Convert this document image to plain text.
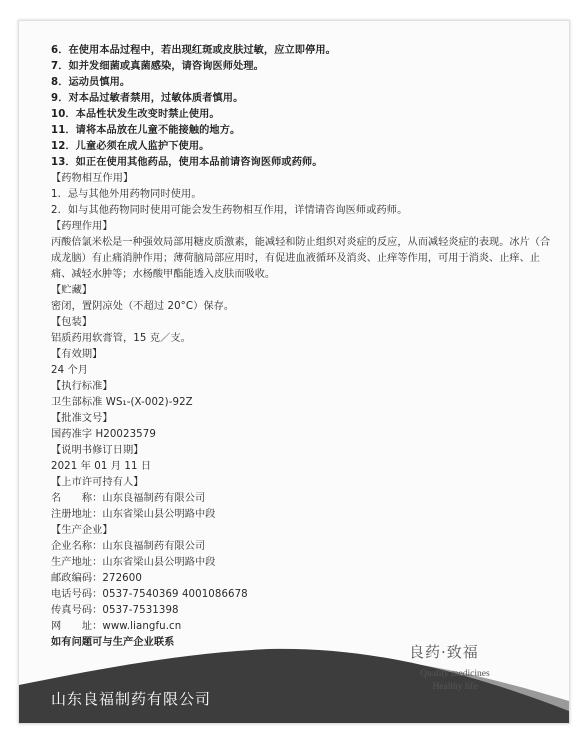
6．在使用本品过程中，若出现红斑或皮肤过敏，应立即停用。
7．如并发细菌或真菌感染，请咨询医师处理。
8．运动员慎用。
9．对本品过敏者禁用，过敏体质者慎用。
10．本品性状发生改变时禁止使用。
11．请将本品放在儿童不能接触的地方。
12．儿童必须在成人监护下使用。
13．如正在使用其他药品，使用本品前请咨询医师或药师。
【药物相互作用】
1．忌与其他外用药物同时使用。
2．如与其他药物同时使用可能会发生药物相互作用，详情请咨询医师或药师。
【药理作用】
丙酸倍氯米松是一种强效局部用糖皮质激素，能减轻和防止组织对炎症的反应，从而减轻炎症的表现。冰片（合成龙脑）有止痛消肿作用；薄荷脑局部应用时，有促进血液循环及消炎、止痒等作用，可用于消炎、止痒、止痛、减轻水肿等；水杨酸甲酯能透入皮肤而吸收。
【贮藏】
密闭，置阴凉处（不超过 20°C）保存。
【包装】
铝质药用软膏管，15 克／支。
【有效期】
24 个月
【执行标准】
卫生部标准 WS₁-(X-002)-92Z
【批准文号】
国药准字 H20023579
【说明书修订日期】
2021 年 01 月 11 日
【上市许可持有人】
名　　称：山东良福制药有限公司
注册地址：山东省梁山县公明路中段
【生产企业】
企业名称：山东良福制药有限公司
生产地址：山东省梁山县公明路中段
邮政编码：272600
电话号码：0537-7540369 4001086678
传真号码：0537-7531398
网　　址：www.liangfu.cn
如有问题可与生产企业联系
良药·致福
Quality medicines
Healthy life
山东良福制药有限公司
